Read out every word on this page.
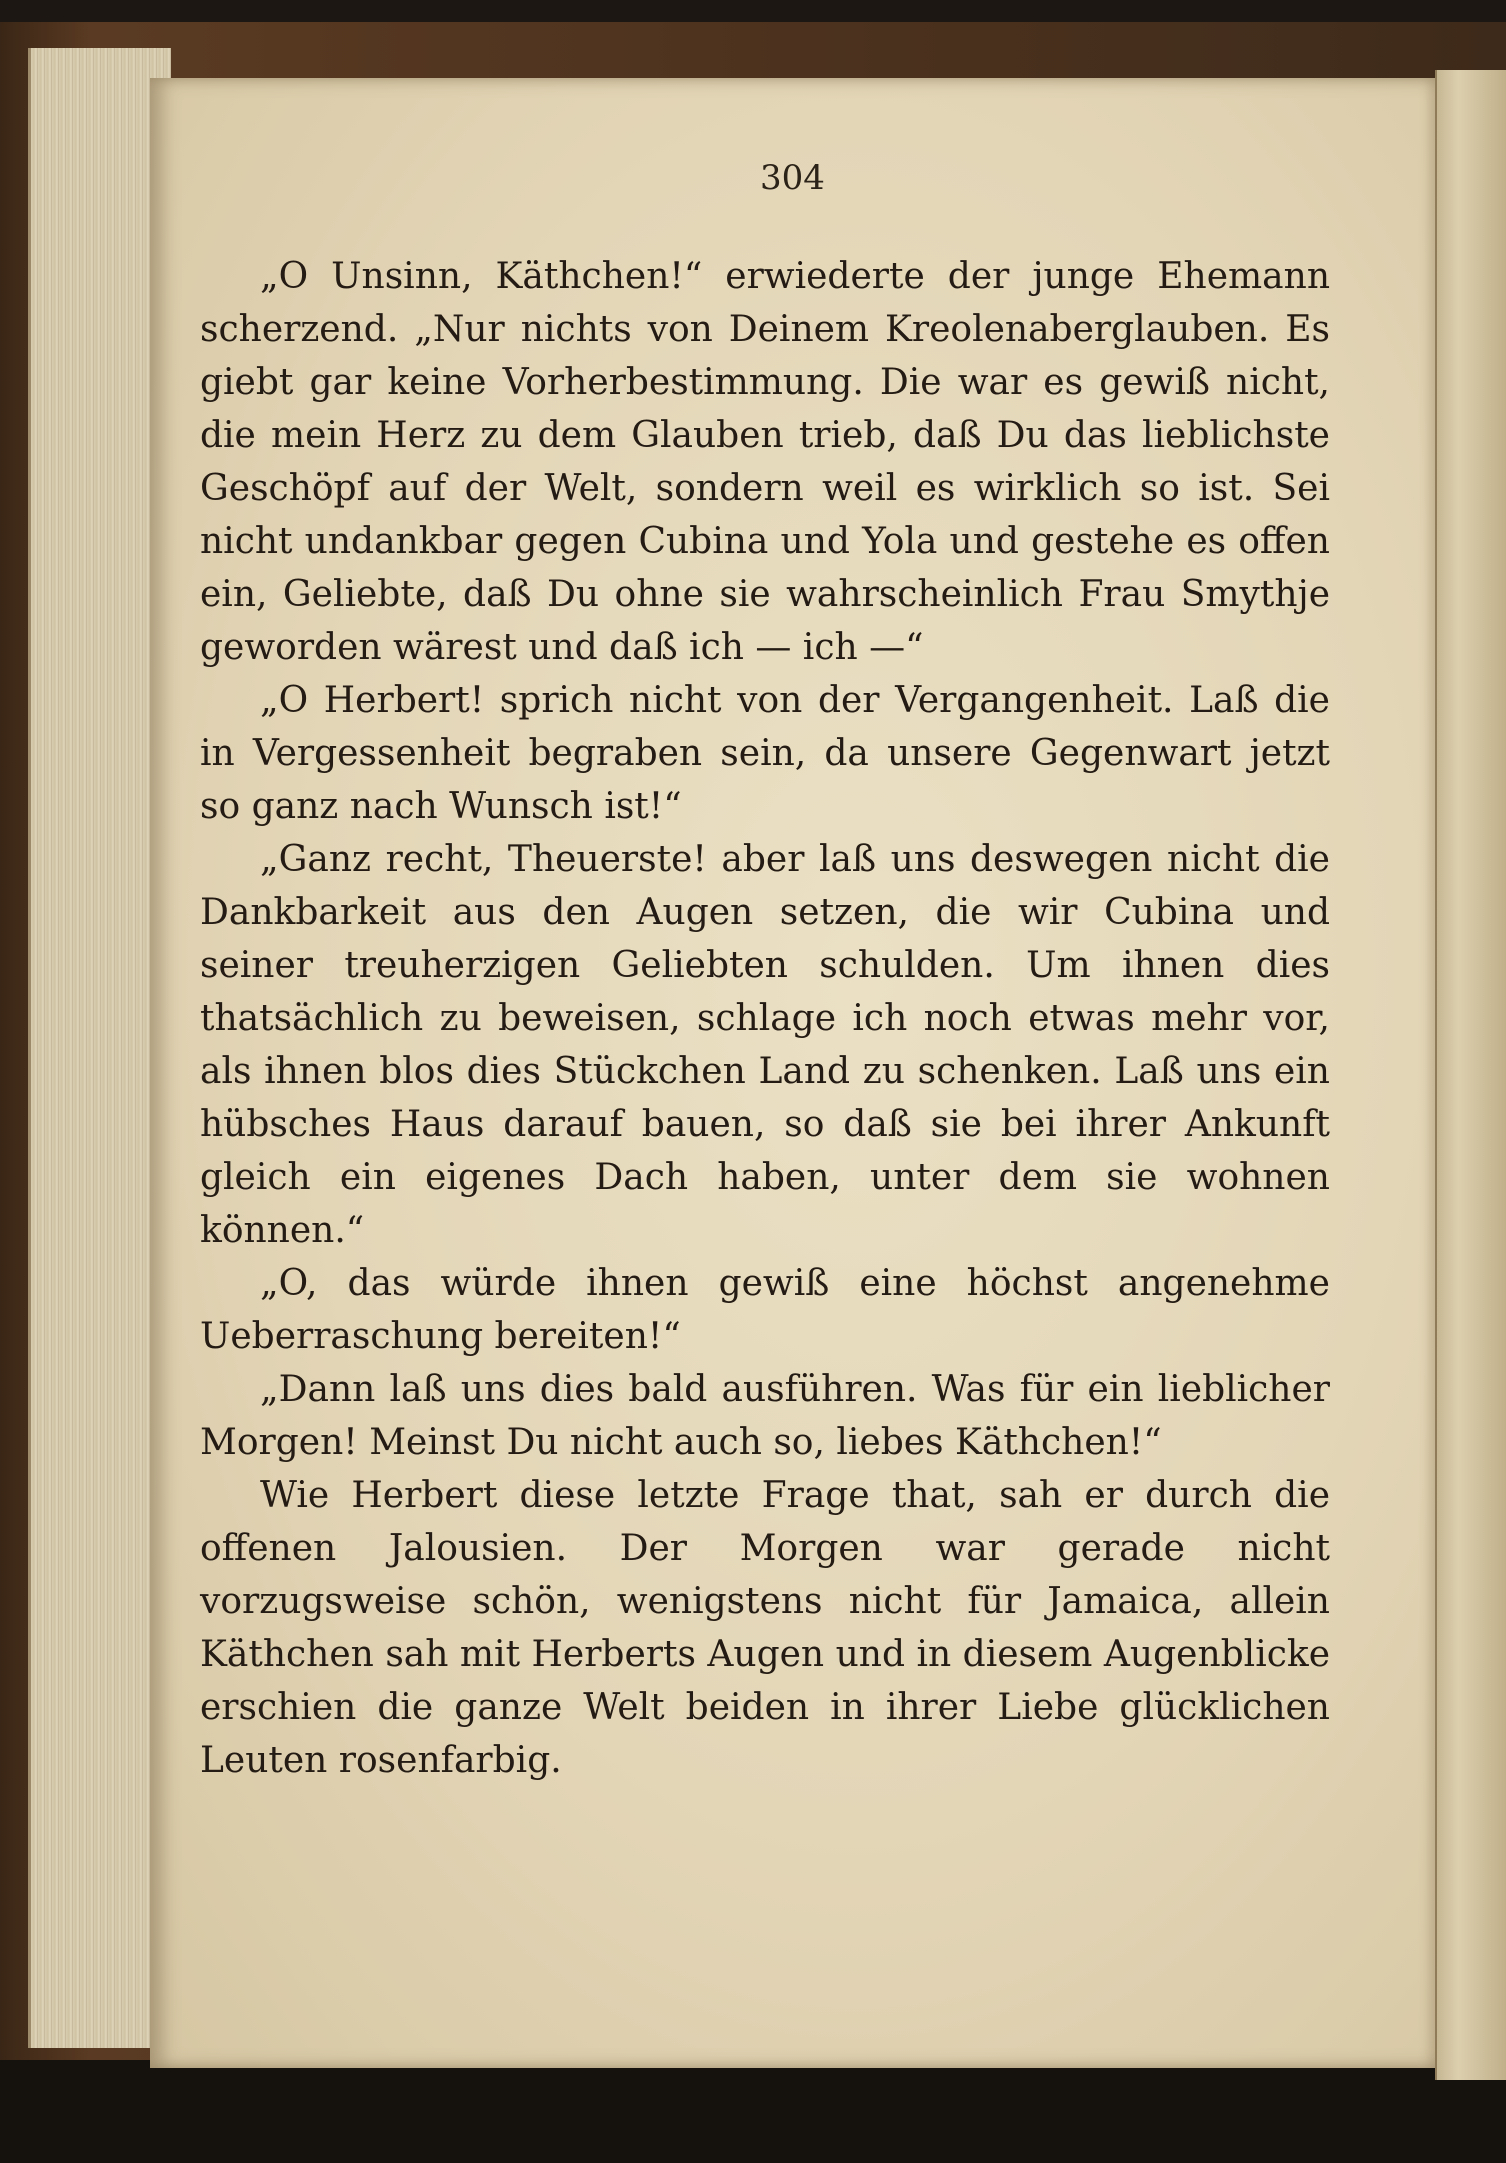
304

„O Unsinn, Käthchen!“ erwiederte der junge Ehemann scherzend. „Nur nichts von Deinem Kreolenaberglauben. Es giebt gar keine Vorherbestimmung. Die war es gewiß nicht, die mein Herz zu dem Glauben trieb, daß Du das lieblichste Geschöpf auf der Welt, sondern weil es wirklich so ist. Sei nicht undankbar gegen Cubina und Yola und gestehe es offen ein, Geliebte, daß Du ohne sie wahrscheinlich Frau Smythje geworden wärest und daß ich — ich —“

„O Herbert! sprich nicht von der Vergangenheit. Laß die in Vergessenheit begraben sein, da unsere Gegenwart jetzt so ganz nach Wunsch ist!“

„Ganz recht, Theuerste! aber laß uns deswegen nicht die Dankbarkeit aus den Augen setzen, die wir Cubina und seiner treuherzigen Geliebten schulden. Um ihnen dies thatsächlich zu beweisen, schlage ich noch etwas mehr vor, als ihnen blos dies Stückchen Land zu schenken. Laß uns ein hübsches Haus darauf bauen, so daß sie bei ihrer Ankunft gleich ein eigenes Dach haben, unter dem sie wohnen können.“

„O, das würde ihnen gewiß eine höchst angenehme Ueberraschung bereiten!“

„Dann laß uns dies bald ausführen. Was für ein lieblicher Morgen! Meinst Du nicht auch so, liebes Käthchen!“

Wie Herbert diese letzte Frage that, sah er durch die offenen Jalousien. Der Morgen war gerade nicht vorzugsweise schön, wenigstens nicht für Jamaica, allein Käthchen sah mit Herberts Augen und in diesem Augenblicke erschien die ganze Welt beiden in ihrer Liebe glücklichen Leuten rosenfarbig.
